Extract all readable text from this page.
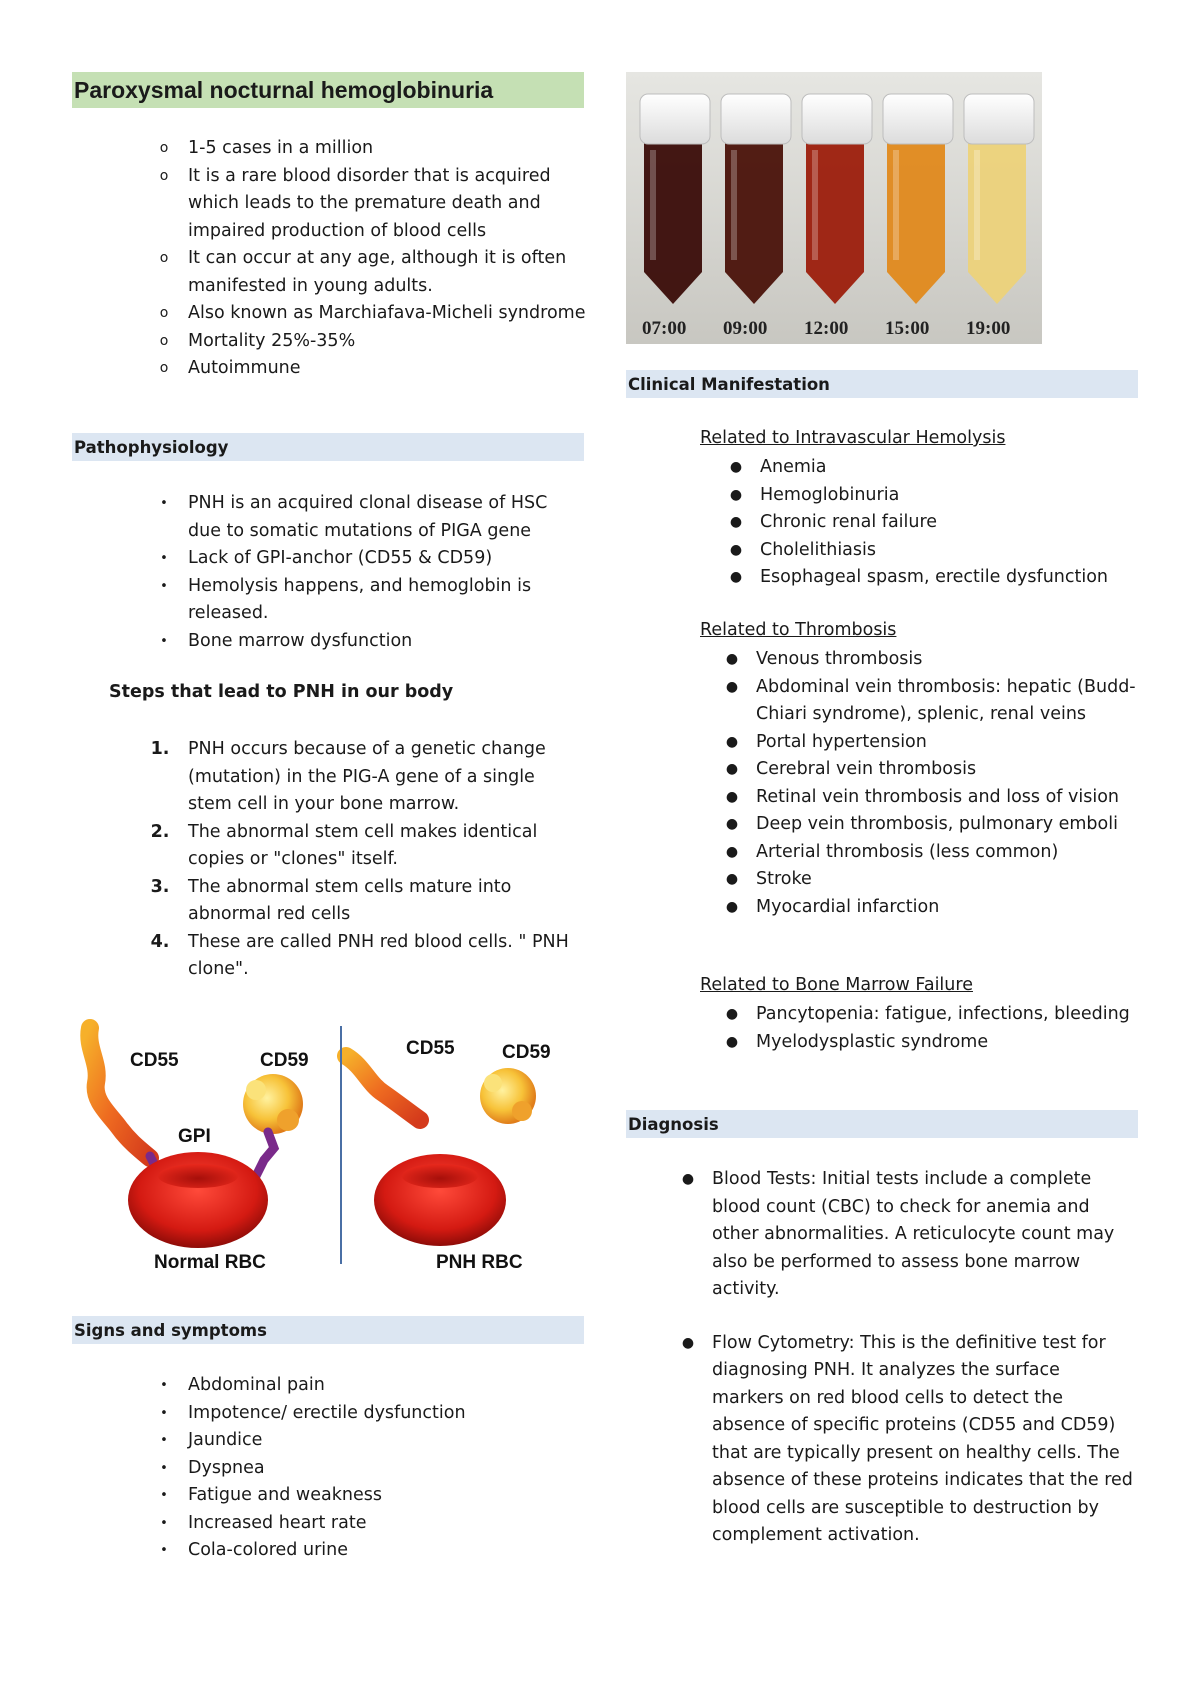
Paroxysmal nocturnal hemoglobinuria
o	1-5 cases in a million
o	It is a rare blood disorder that is acquired which leads to the premature death and impaired production of blood cells
o	It can occur at any age, although it is often manifested in young adults.
o	Also known as Marchiafava-Micheli syndrome
o	Mortality 25%-35%
o	Autoimmune
Pathophysiology
•	PNH is an acquired clonal disease of HSC due to somatic mutations of PIGA gene
•	Lack of GPI-anchor (CD55 & CD59)
•	Hemolysis happens, and hemoglobin is released.
•	Bone marrow dysfunction
Steps that lead to PNH in our body
1. PNH occurs because of a genetic change (mutation) in the PIG-A gene of a single stem cell in your bone marrow.
2. The abnormal stem cell makes identical copies or "clones" itself.
3. The abnormal stem cells mature into abnormal red cells
4. These are called PNH red blood cells. " PNH clone".
CD55	CD59
GPI
Normal RBC
CD55 CD59
PNH RBC
Signs and symptoms
•	Abdominal pain
•	Impotence/ erectile dysfunction
•	Jaundice
•	Dyspnea
•	Fatigue and weakness
•	Increased heart rate
•	Cola-colored urine
07:00 09:00 12:00 15:00 19:00
Clinical Manifestation
Related to Intravascular Hemolysis
● Anemia
● Hemoglobinuria
● Chronic renal failure
● Cholelithiasis
● Esophageal spasm, erectile dysfunction
Related to Thrombosis
● Venous thrombosis
● Abdominal vein thrombosis: hepatic (Budd-Chiari syndrome), splenic, renal veins
● Portal hypertension
● Cerebral vein thrombosis
● Retinal vein thrombosis and loss of vision
● Deep vein thrombosis, pulmonary emboli
● Arterial thrombosis (less common)
● Stroke
● Myocardial infarction
Related to Bone Marrow Failure
● Pancytopenia: fatigue, infections, bleeding
● Myelodysplastic syndrome
Diagnosis
● Blood Tests: Initial tests include a complete blood count (CBC) to check for anemia and other abnormalities. A reticulocyte count may also be performed to assess bone marrow activity.
● Flow Cytometry: This is the definitive test for diagnosing PNH. It analyzes the surface markers on red blood cells to detect the absence of specific proteins (CD55 and CD59) that are typically present on healthy cells. The absence of these proteins indicates that the red blood cells are susceptible to destruction by complement activation.
